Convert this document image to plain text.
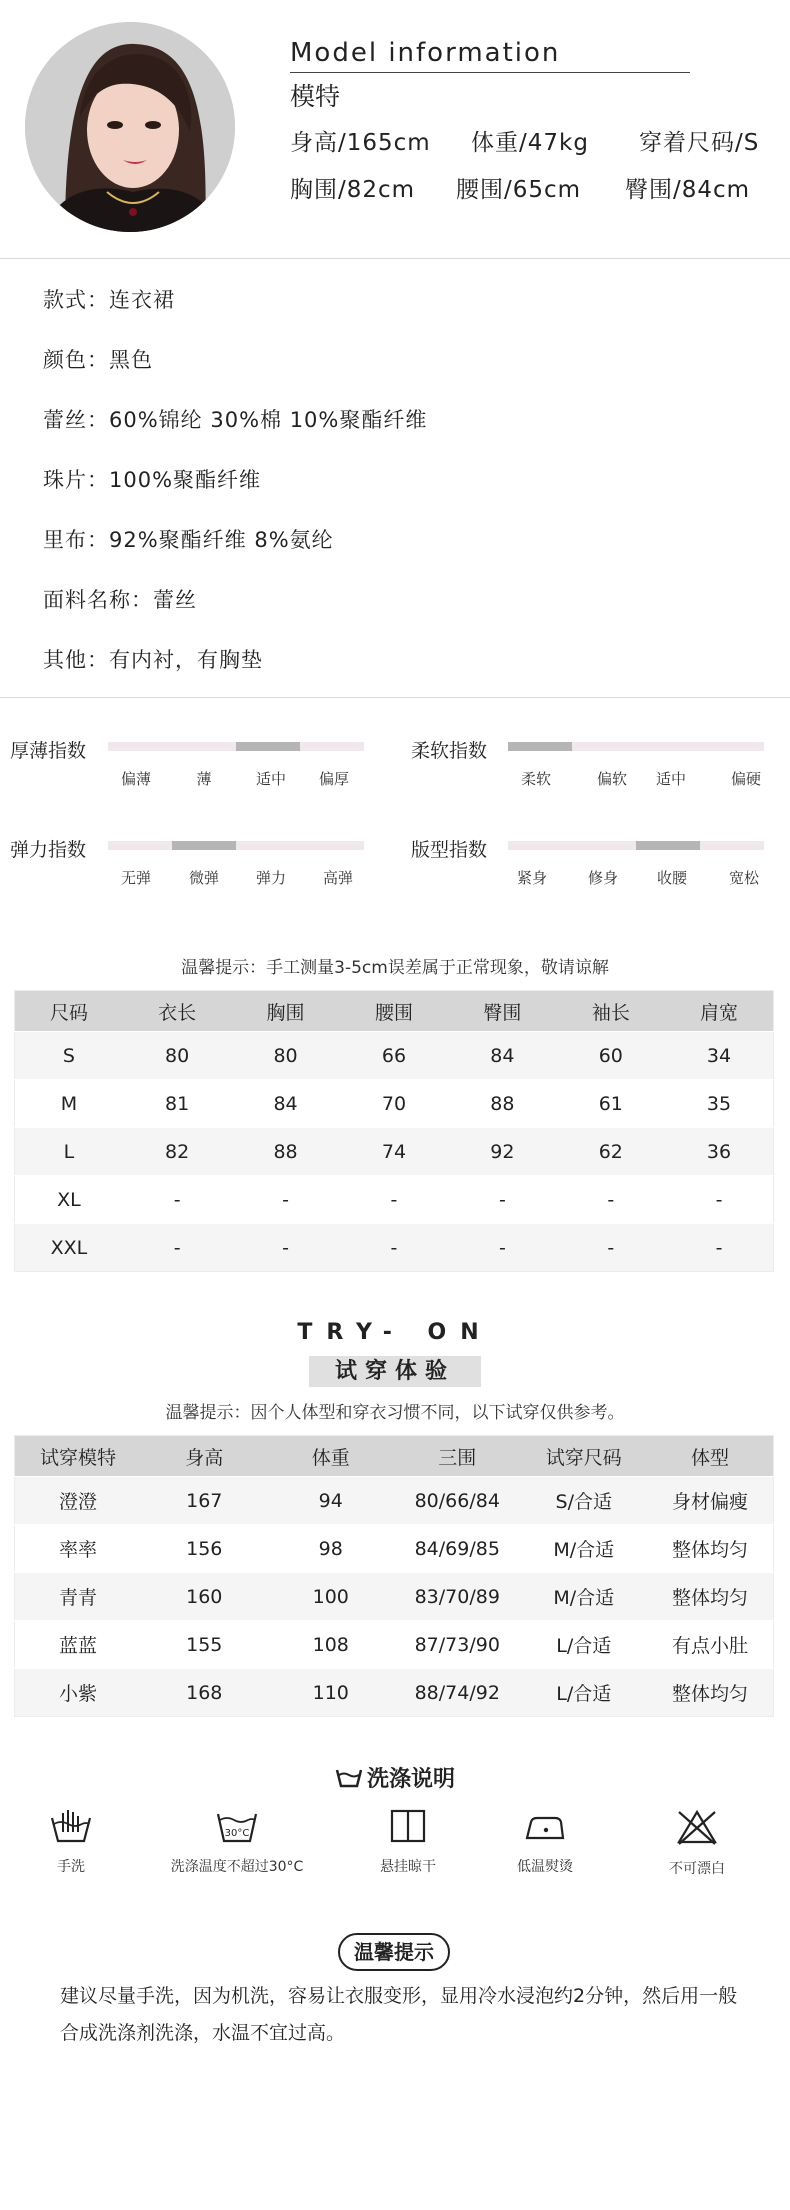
Model information
模特
身高/165cm 体重/47kg 穿着尺码/S
胸围/82cm 腰围/65cm 臀围/84cm
款式：连衣裙
颜色：黑色
蕾丝：60%锦纶 30%棉 10%聚酯纤维
珠片：100%聚酯纤维
里布：92%聚酯纤维 8%氨纶
面料名称：蕾丝
其他：有内衬，有胸垫
厚薄指数
偏薄	薄	适中	偏厚
柔软指数
柔软	偏软	适中	偏硬
弹力指数
无弹	微弹	弹力	高弹
版型指数
紧身	修身	收腰	宽松
温馨提示：手工测量3-5cm误差属于正常现象，敬请谅解
尺码	衣长	胸围	腰围	臀围	袖长	肩宽
S	80	80	66	84	60	34
M	81	84	70	88	61	35
L	82	88	74	92	62	36
XL	-	-	-	-	-	-
XXL	-	-	-	-	-	-
TRY- ON
试穿体验
温馨提示：因个人体型和穿衣习惯不同，以下试穿仅供参考。
试穿模特	身高	体重	三围	试穿尺码	体型
澄澄	167	94	80/66/84	S/合适	身材偏瘦
率率	156	98	84/69/85	M/合适	整体均匀
青青	160	100	83/70/89	M/合适	整体均匀
蓝蓝	155	108	87/73/90	L/合适	有点小肚
小紫	168	110	88/74/92	L/合适	整体均匀
洗涤说明
手洗
30°C
洗涤温度不超过30°C	悬挂晾干	低温熨烫	不可漂白
温馨提示
建议尽量手洗，因为机洗，容易让衣服变形，显用冷水浸泡约2分钟，然后用一般合成洗涤剂洗涤，水温不宜过高。
